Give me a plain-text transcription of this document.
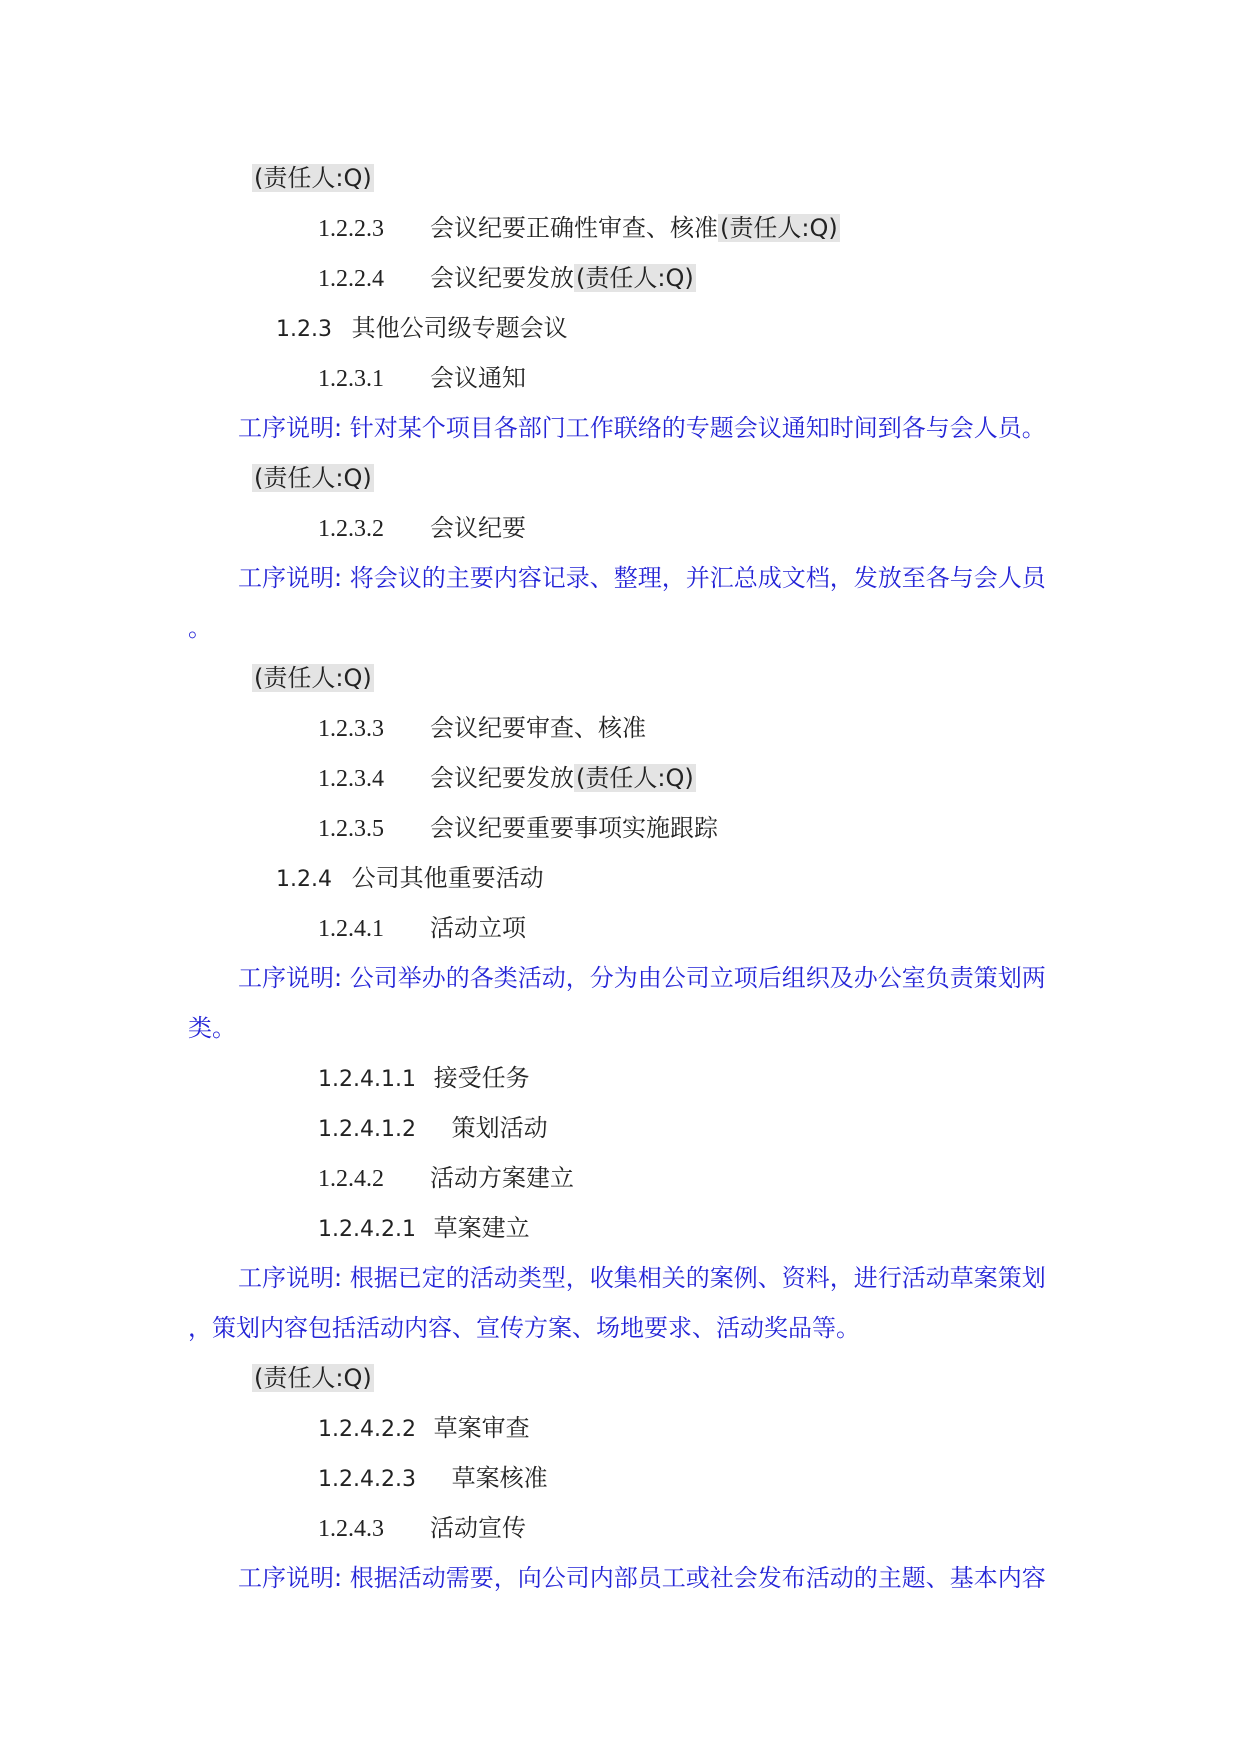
(责任人:Q)
1.2.2.3 会议纪要正确性审查、核准(责任人:Q)
1.2.2.4 会议纪要发放(责任人:Q)
1.2.3 其他公司级专题会议
1.2.3.1 会议通知
工序说明: 针对某个项目各部门工作联络的专题会议通知时间到各与会人员。
(责任人:Q)
1.2.3.2 会议纪要
工序说明: 将会议的主要内容记录、整理，并汇总成文档，发放至各与会人员
。
(责任人:Q)
1.2.3.3 会议纪要审查、核准
1.2.3.4 会议纪要发放(责任人:Q)
1.2.3.5 会议纪要重要事项实施跟踪
1.2.4 公司其他重要活动
1.2.4.1 活动立项
工序说明: 公司举办的各类活动，分为由公司立项后组织及办公室负责策划两
类。
1.2.4.1.1 接受任务
1.2.4.1.2 策划活动
1.2.4.2 活动方案建立
1.2.4.2.1 草案建立
工序说明: 根据已定的活动类型，收集相关的案例、资料，进行活动草案策划
，策划内容包括活动内容、宣传方案、场地要求、活动奖品等。
(责任人:Q)
1.2.4.2.2 草案审查
1.2.4.2.3 草案核准
1.2.4.3 活动宣传
工序说明: 根据活动需要，向公司内部员工或社会发布活动的主题、基本内容
